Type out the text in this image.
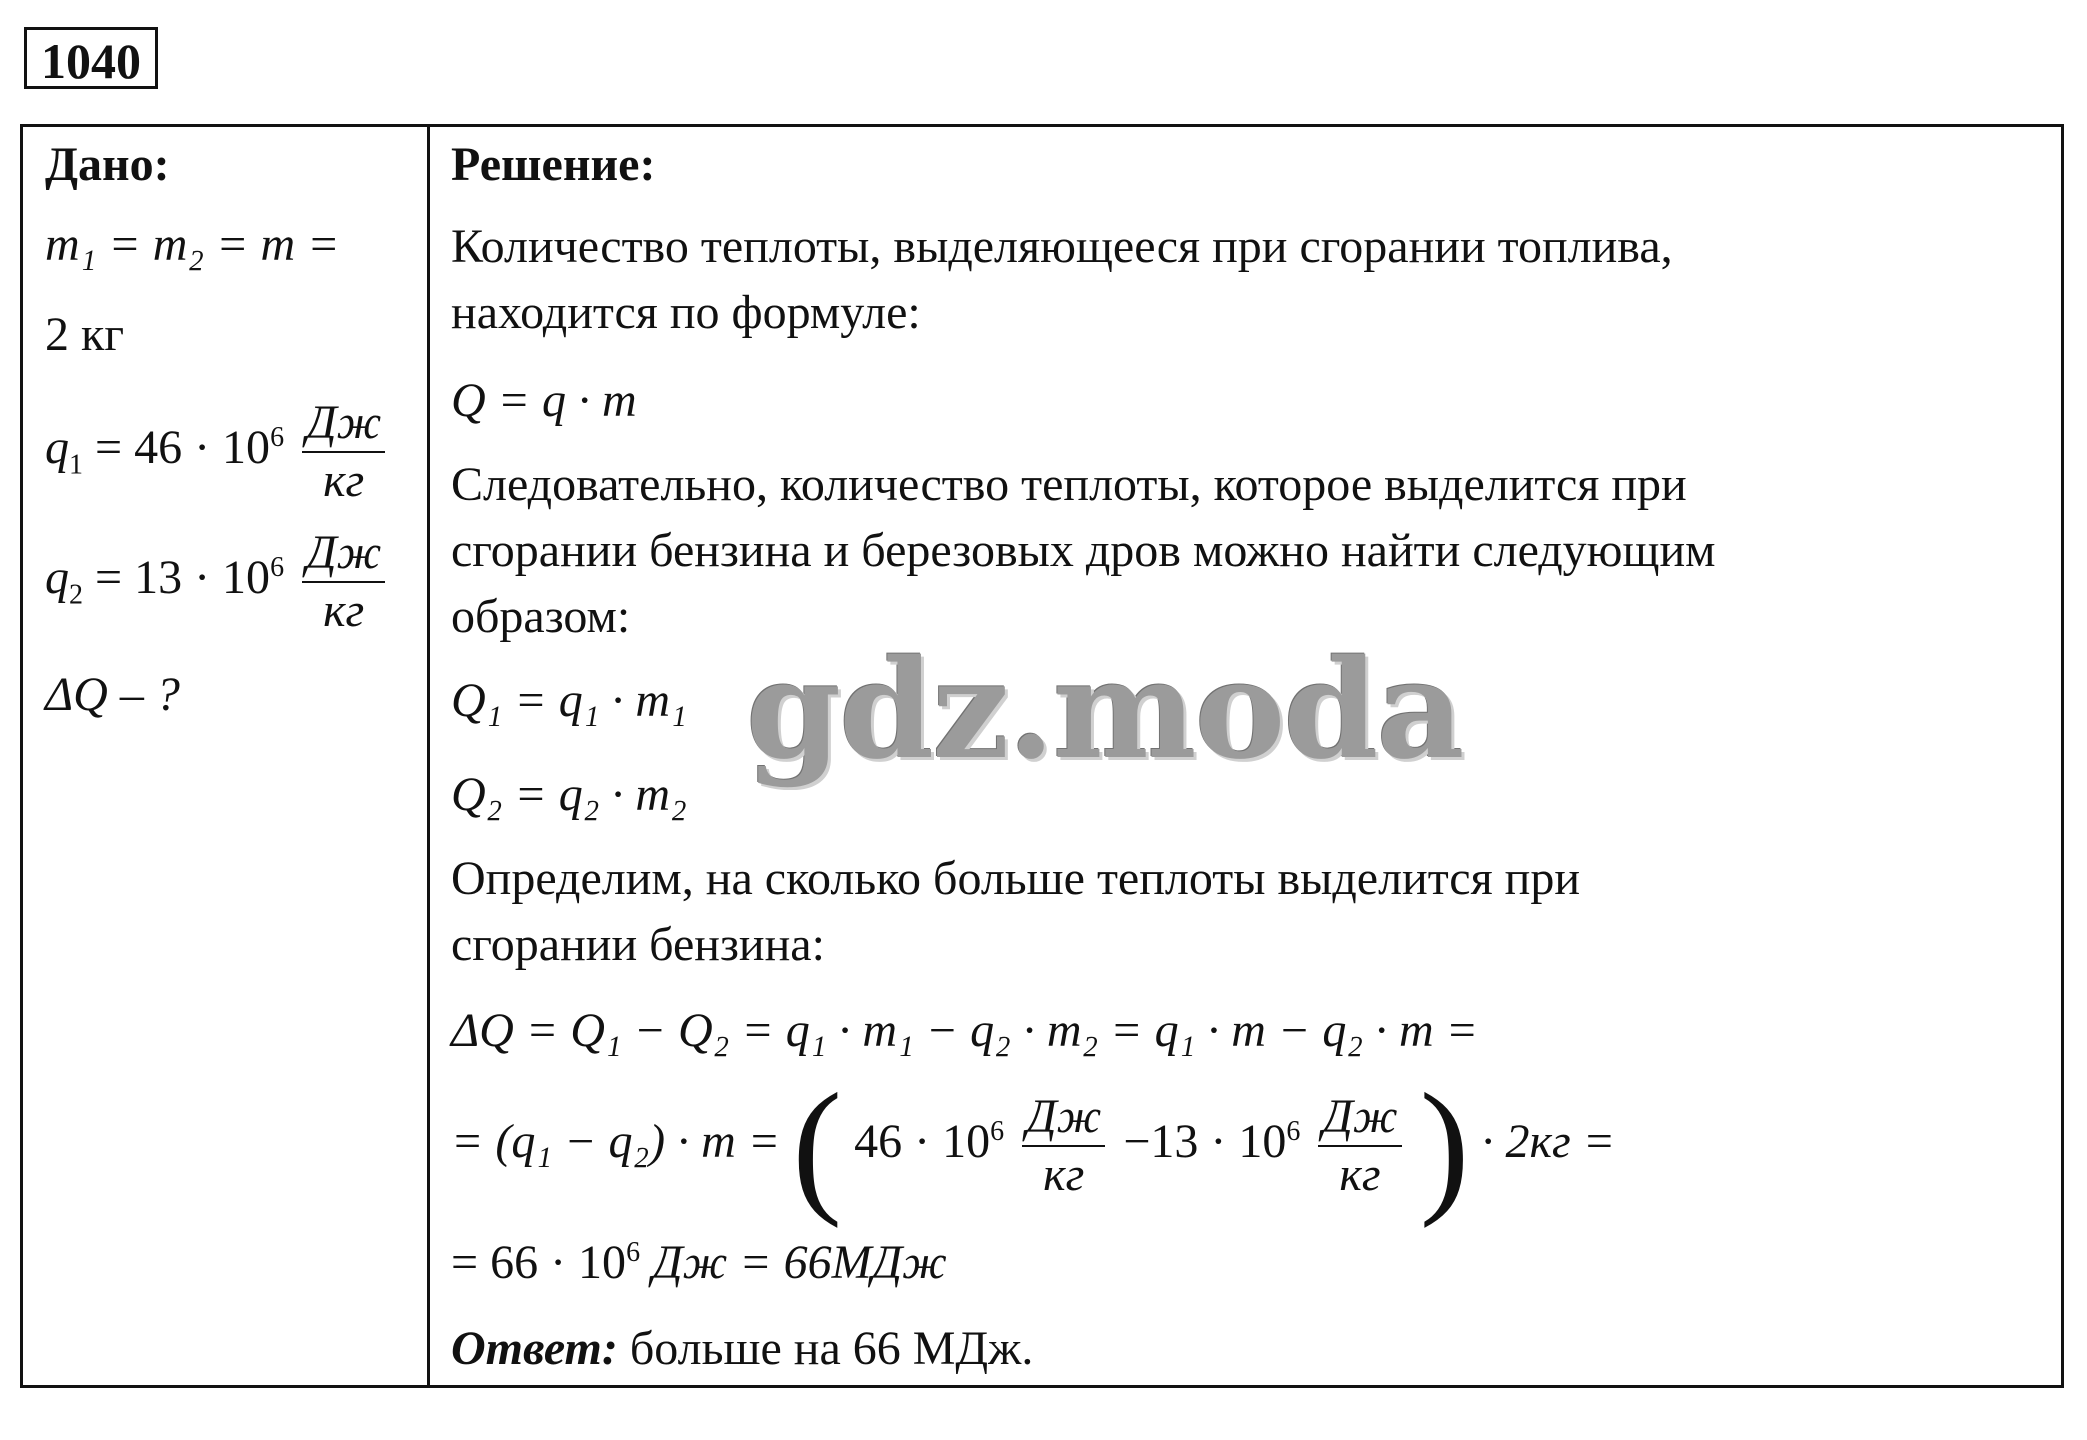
1040
Дано:
m₁ = m₂ = m =
2 кг
$q_1 = 46 \cdot 10^6 \frac{Дж}{кг}$
$q_2 = 13 \cdot 10^6 \frac{Дж}{кг}$
ΔQ – ?
Решение:
Количество теплоты, выделяющееся при сгорании топлива,
находится по формуле:
Q = q · m
Следовательно, количество теплоты, которое выделится при
сгорании бензина и березовых дров можно найти следующим
образом:
Q₁ = q₁ · m₁
Q₂ = q₂ · m₂
Определим, на сколько больше теплоты выделится при
сгорании бензина:
ΔQ = Q₁ − Q₂ = q₁ · m₁ − q₂ · m₂ = q₁ · m − q₂ · m =
= (q₁ − q₂) · m = ( $46 \cdot 10^6 \frac{Дж}{кг} -13 \cdot 10^6 \frac{Дж}{кг}$ ) · 2кг =
= $66 \cdot 10^6$ Дж = 66МДж
Ответ: больше на 66 МДж.
gdz.moda
